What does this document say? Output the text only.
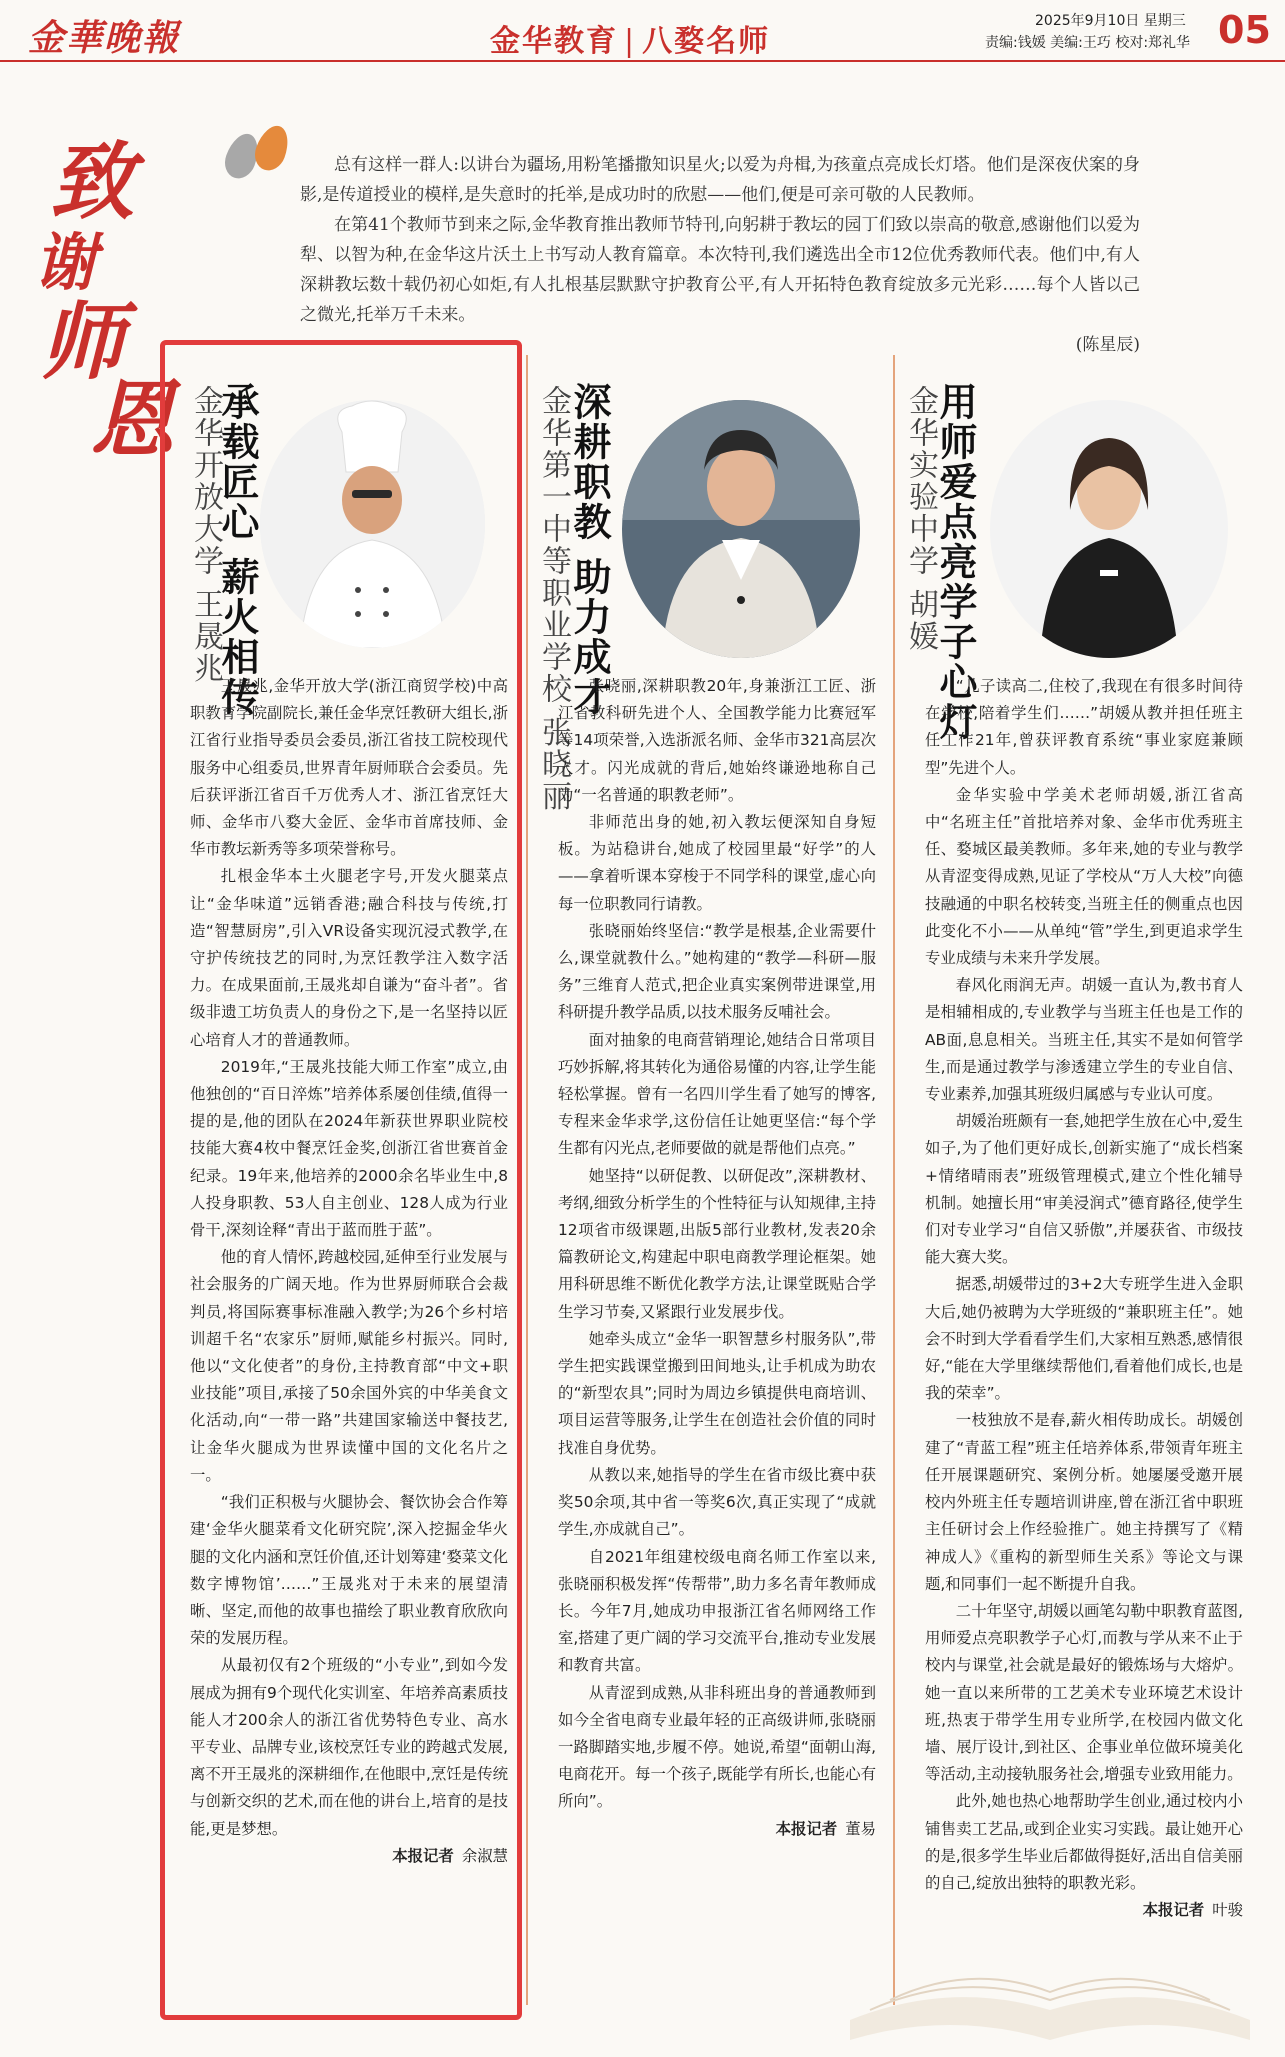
金華晚報	金华教育 | 八婺名师
2025年9月10日 星期三
责编:钱媛 美编:王巧 校对:郑礼华 05
致
谢
师
恩

总有这样一群人:以讲台为疆场,用粉笔播撒知识星火;以爱为舟楫,为孩童点亮成长灯塔。他们是深夜伏案的身影,是传道授业的模样,是失意时的托举,是成功时的欣慰——他们,便是可亲可敬的人民教师。

在第41个教师节到来之际,金华教育推出教师节特刊,向躬耕于教坛的园丁们致以崇高的敬意,感谢他们以爱为犁、以智为种,在金华这片沃土上书写动人教育篇章。本次特刊,我们遴选出全市12位优秀教师代表。他们中,有人深耕教坛数十载仍初心如炬,有人扎根基层默默守护教育公平,有人开拓特色教育绽放多元光彩……每个人皆以己之微光,托举万千未来。

(陈星辰)

金华开放大学 王晟兆
承载匠心 薪火相传

王晟兆,金华开放大学(浙江商贸学校)中高职教育学院副院长,兼任金华烹饪教研大组长,浙江省行业指导委员会委员,浙江省技工院校现代服务中心组委员,世界青年厨师联合会委员。先后获评浙江省百千万优秀人才、浙江省烹饪大师、金华市八婺大金匠、金华市首席技师、金华市教坛新秀等多项荣誉称号。

扎根金华本土火腿老字号,开发火腿菜点让“金华味道”远销香港;融合科技与传统,打造“智慧厨房”,引入VR设备实现沉浸式教学,在守护传统技艺的同时,为烹饪教学注入数字活力。在成果面前,王晟兆却自谦为“奋斗者”。省级非遗工坊负责人的身份之下,是一名坚持以匠心培育人才的普通教师。

2019年,“王晟兆技能大师工作室”成立,由他独创的“百日淬炼”培养体系屡创佳绩,值得一提的是,他的团队在2024年新获世界职业院校技能大赛4枚中餐烹饪金奖,创浙江省世赛首金纪录。19年来,他培养的2000余名毕业生中,8人投身职教、53人自主创业、128人成为行业骨干,深刻诠释“青出于蓝而胜于蓝”。

他的育人情怀,跨越校园,延伸至行业发展与社会服务的广阔天地。作为世界厨师联合会裁判员,将国际赛事标准融入教学;为26个乡村培训超千名“农家乐”厨师,赋能乡村振兴。同时,他以“文化使者”的身份,主持教育部“中文+职业技能”项目,承接了50余国外宾的中华美食文化活动,向“一带一路”共建国家输送中餐技艺,让金华火腿成为世界读懂中国的文化名片之一。

“我们正积极与火腿协会、餐饮协会合作筹建‘金华火腿菜肴文化研究院’,深入挖掘金华火腿的文化内涵和烹饪价值,还计划筹建‘婺菜文化数字博物馆’……”王晟兆对于未来的展望清晰、坚定,而他的故事也描绘了职业教育欣欣向荣的发展历程。

从最初仅有2个班级的“小专业”,到如今发展成为拥有9个现代化实训室、年培养高素质技能人才200余人的浙江省优势特色专业、高水平专业、品牌专业,该校烹饪专业的跨越式发展,离不开王晟兆的深耕细作,在他眼中,烹饪是传统与创新交织的艺术,而在他的讲台上,培育的是技能,更是梦想。

本报记者 余淑慧

金华第一中等职业学校 张晓丽
深耕职教 助力成才

张晓丽,深耕职教20年,身兼浙江工匠、浙江省教科研先进个人、全国教学能力比赛冠军等14项荣誉,入选浙派名师、金华市321高层次人才。闪光成就的背后,她始终谦逊地称自己为“一名普通的职教老师”。

非师范出身的她,初入教坛便深知自身短板。为站稳讲台,她成了校园里最“好学”的人——拿着听课本穿梭于不同学科的课堂,虚心向每一位职教同行请教。

张晓丽始终坚信:“教学是根基,企业需要什么,课堂就教什么。”她构建的“教学—科研—服务”三维育人范式,把企业真实案例带进课堂,用科研提升教学品质,以技术服务反哺社会。

面对抽象的电商营销理论,她结合日常项目巧妙拆解,将其转化为通俗易懂的内容,让学生能轻松掌握。曾有一名四川学生看了她写的博客,专程来金华求学,这份信任让她更坚信:“每个学生都有闪光点,老师要做的就是帮他们点亮。”

她坚持“以研促教、以研促改”,深耕教材、考纲,细致分析学生的个性特征与认知规律,主持12项省市级课题,出版5部行业教材,发表20余篇教研论文,构建起中职电商教学理论框架。她用科研思维不断优化教学方法,让课堂既贴合学生学习节奏,又紧跟行业发展步伐。

她牵头成立“金华一职智慧乡村服务队”,带学生把实践课堂搬到田间地头,让手机成为助农的“新型农具”;同时为周边乡镇提供电商培训、项目运营等服务,让学生在创造社会价值的同时找准自身优势。

从教以来,她指导的学生在省市级比赛中获奖50余项,其中省一等奖6次,真正实现了“成就学生,亦成就自己”。

自2021年组建校级电商名师工作室以来,张晓丽积极发挥“传帮带”,助力多名青年教师成长。今年7月,她成功申报浙江省名师网络工作室,搭建了更广阔的学习交流平台,推动专业发展和教育共富。

从青涩到成熟,从非科班出身的普通教师到如今全省电商专业最年轻的正高级讲师,张晓丽一路脚踏实地,步履不停。她说,希望“面朝山海,电商花开。每一个孩子,既能学有所长,也能心有所向”。

本报记者 董易

金华实验中学 胡媛
用师爱点亮学子心灯

“儿子读高二,住校了,我现在有很多时间待在学校,陪着学生们……”胡媛从教并担任班主任工作21年,曾获评教育系统“事业家庭兼顾型”先进个人。

金华实验中学美术老师胡媛,浙江省高中“名班主任”首批培养对象、金华市优秀班主任、婺城区最美教师。多年来,她的专业与教学从青涩变得成熟,见证了学校从“万人大校”向德技融通的中职名校转变,当班主任的侧重点也因此变化不小——从单纯“管”学生,到更追求学生专业成绩与未来升学发展。

春风化雨润无声。胡媛一直认为,教书育人是相辅相成的,专业教学与当班主任也是工作的AB面,息息相关。当班主任,其实不是如何管学生,而是通过教学与渗透建立学生的专业自信、专业素养,加强其班级归属感与专业认可度。

胡媛治班颇有一套,她把学生放在心中,爱生如子,为了他们更好成长,创新实施了“成长档案+情绪晴雨表”班级管理模式,建立个性化辅导机制。她擅长用“审美浸润式”德育路径,使学生们对专业学习“自信又骄傲”,并屡获省、市级技能大赛大奖。

据悉,胡媛带过的3+2大专班学生进入金职大后,她仍被聘为大学班级的“兼职班主任”。她会不时到大学看看学生们,大家相互熟悉,感情很好,“能在大学里继续帮他们,看着他们成长,也是我的荣幸”。

一枝独放不是春,薪火相传助成长。胡媛创建了“青蓝工程”班主任培养体系,带领青年班主任开展课题研究、案例分析。她屡屡受邀开展校内外班主任专题培训讲座,曾在浙江省中职班主任研讨会上作经验推广。她主持撰写了《精神成人》《重构的新型师生关系》等论文与课题,和同事们一起不断提升自我。

二十年坚守,胡媛以画笔勾勒中职教育蓝图,用师爱点亮职教学子心灯,而教与学从来不止于校内与课堂,社会就是最好的锻炼场与大熔炉。她一直以来所带的工艺美术专业环境艺术设计班,热衷于带学生用专业所学,在校园内做文化墙、展厅设计,到社区、企事业单位做环境美化等活动,主动接轨服务社会,增强专业致用能力。

此外,她也热心地帮助学生创业,通过校内小铺售卖工艺品,或到企业实习实践。最让她开心的是,很多学生毕业后都做得挺好,活出自信美丽的自己,绽放出独特的职教光彩。

本报记者 叶骏
